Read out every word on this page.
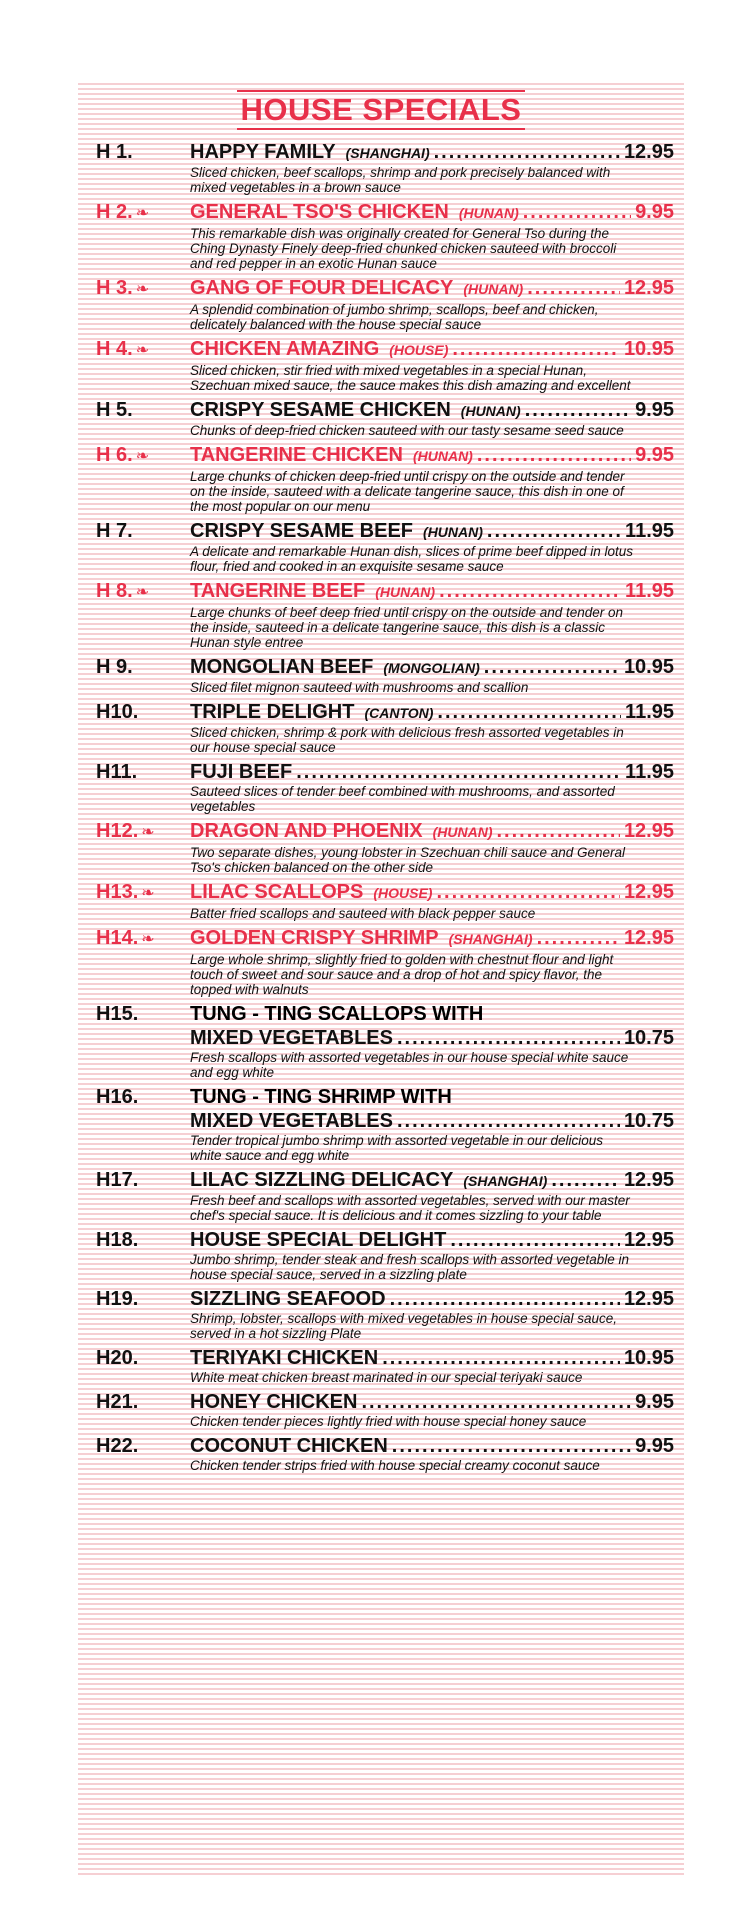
HOUSE SPECIALS
H 1.	HAPPY FAMILY (SHANGHAI) .....	12.95
Sliced chicken, beef scallops, shrimp and pork precisely balanced with mixed vegetables in a brown sauce
H 2. ❧	GENERAL TSO'S CHICKEN (HUNAN) .....	9.95
This remarkable dish was originally created for General Tso during the Ching Dynasty Finely deep-fried chunked chicken sauteed with broccoli and red pepper in an exotic Hunan sauce
H 3. ❧	GANG OF FOUR DELICACY (HUNAN) .....	12.95
A splendid combination of jumbo shrimp, scallops, beef and chicken, delicately balanced with the house special sauce
H 4. ❧	CHICKEN AMAZING (HOUSE) .....	10.95
Sliced chicken, stir fried with mixed vegetables in a special Hunan, Szechuan mixed sauce, the sauce makes this dish amazing and excellent
H 5.	CRISPY SESAME CHICKEN (HUNAN) .....	9.95
Chunks of deep-fried chicken sauteed with our tasty sesame seed sauce
H 6. ❧	TANGERINE CHICKEN (HUNAN) .....	9.95
Large chunks of chicken deep-fried until crispy on the outside and tender on the inside, sauteed with a delicate tangerine sauce, this dish in one of the most popular on our menu
H 7.	CRISPY SESAME BEEF (HUNAN) .....	11.95
A delicate and remarkable Hunan dish, slices of prime beef dipped in lotus flour, fried and cooked in an exquisite sesame sauce
H 8. ❧	TANGERINE BEEF (HUNAN) .....	11.95
Large chunks of beef deep fried until crispy on the outside and tender on the inside, sauteed in a delicate tangerine sauce, this dish is a classic Hunan style entree
H 9.	MONGOLIAN BEEF (MONGOLIAN) .....	10.95
Sliced filet mignon sauteed with mushrooms and scallion
H10.	TRIPLE DELIGHT (CANTON) .....	11.95
Sliced chicken, shrimp & pork with delicious fresh assorted vegetables in our house special sauce
H11.	FUJI BEEF .....	11.95
Sauteed slices of tender beef combined with mushrooms, and assorted vegetables
H12. ❧	DRAGON AND PHOENIX (HUNAN) .....	12.95
Two separate dishes, young lobster in Szechuan chili sauce and General Tso's chicken balanced on the other side
H13. ❧	LILAC SCALLOPS (HOUSE) .....	12.95
Batter fried scallops and sauteed with black pepper sauce
H14. ❧	GOLDEN CRISPY SHRIMP (SHANGHAI) .....	12.95
Large whole shrimp, slightly fried to golden with chestnut flour and light touch of sweet and sour sauce and a drop of hot and spicy flavor, the topped with walnuts
H15.	TUNG - TING SCALLOPS WITH
MIXED VEGETABLES .....	10.75
Fresh scallops with assorted vegetables in our house special white sauce and egg white
H16.	TUNG - TING SHRIMP WITH
MIXED VEGETABLES .....	10.75
Tender tropical jumbo shrimp with assorted vegetable in our delicious white sauce and egg white
H17.	LILAC SIZZLING DELICACY (SHANGHAI) .....	12.95
Fresh beef and scallops with assorted vegetables, served with our master chef's special sauce. It is delicious and it comes sizzling to your table
H18.	HOUSE SPECIAL DELIGHT .....	12.95
Jumbo shrimp, tender steak and fresh scallops with assorted vegetable in house special sauce, served in a sizzling plate
H19.	SIZZLING SEAFOOD .....	12.95
Shrimp, lobster, scallops with mixed vegetables in house special sauce, served in a hot sizzling Plate
H20.	TERIYAKI CHICKEN .....	10.95
White meat chicken breast marinated in our special teriyaki sauce
H21.	HONEY CHICKEN .....	9.95
Chicken tender pieces lightly fried with house special honey sauce
H22.	COCONUT CHICKEN .....	9.95
Chicken tender strips fried with house special creamy coconut sauce
